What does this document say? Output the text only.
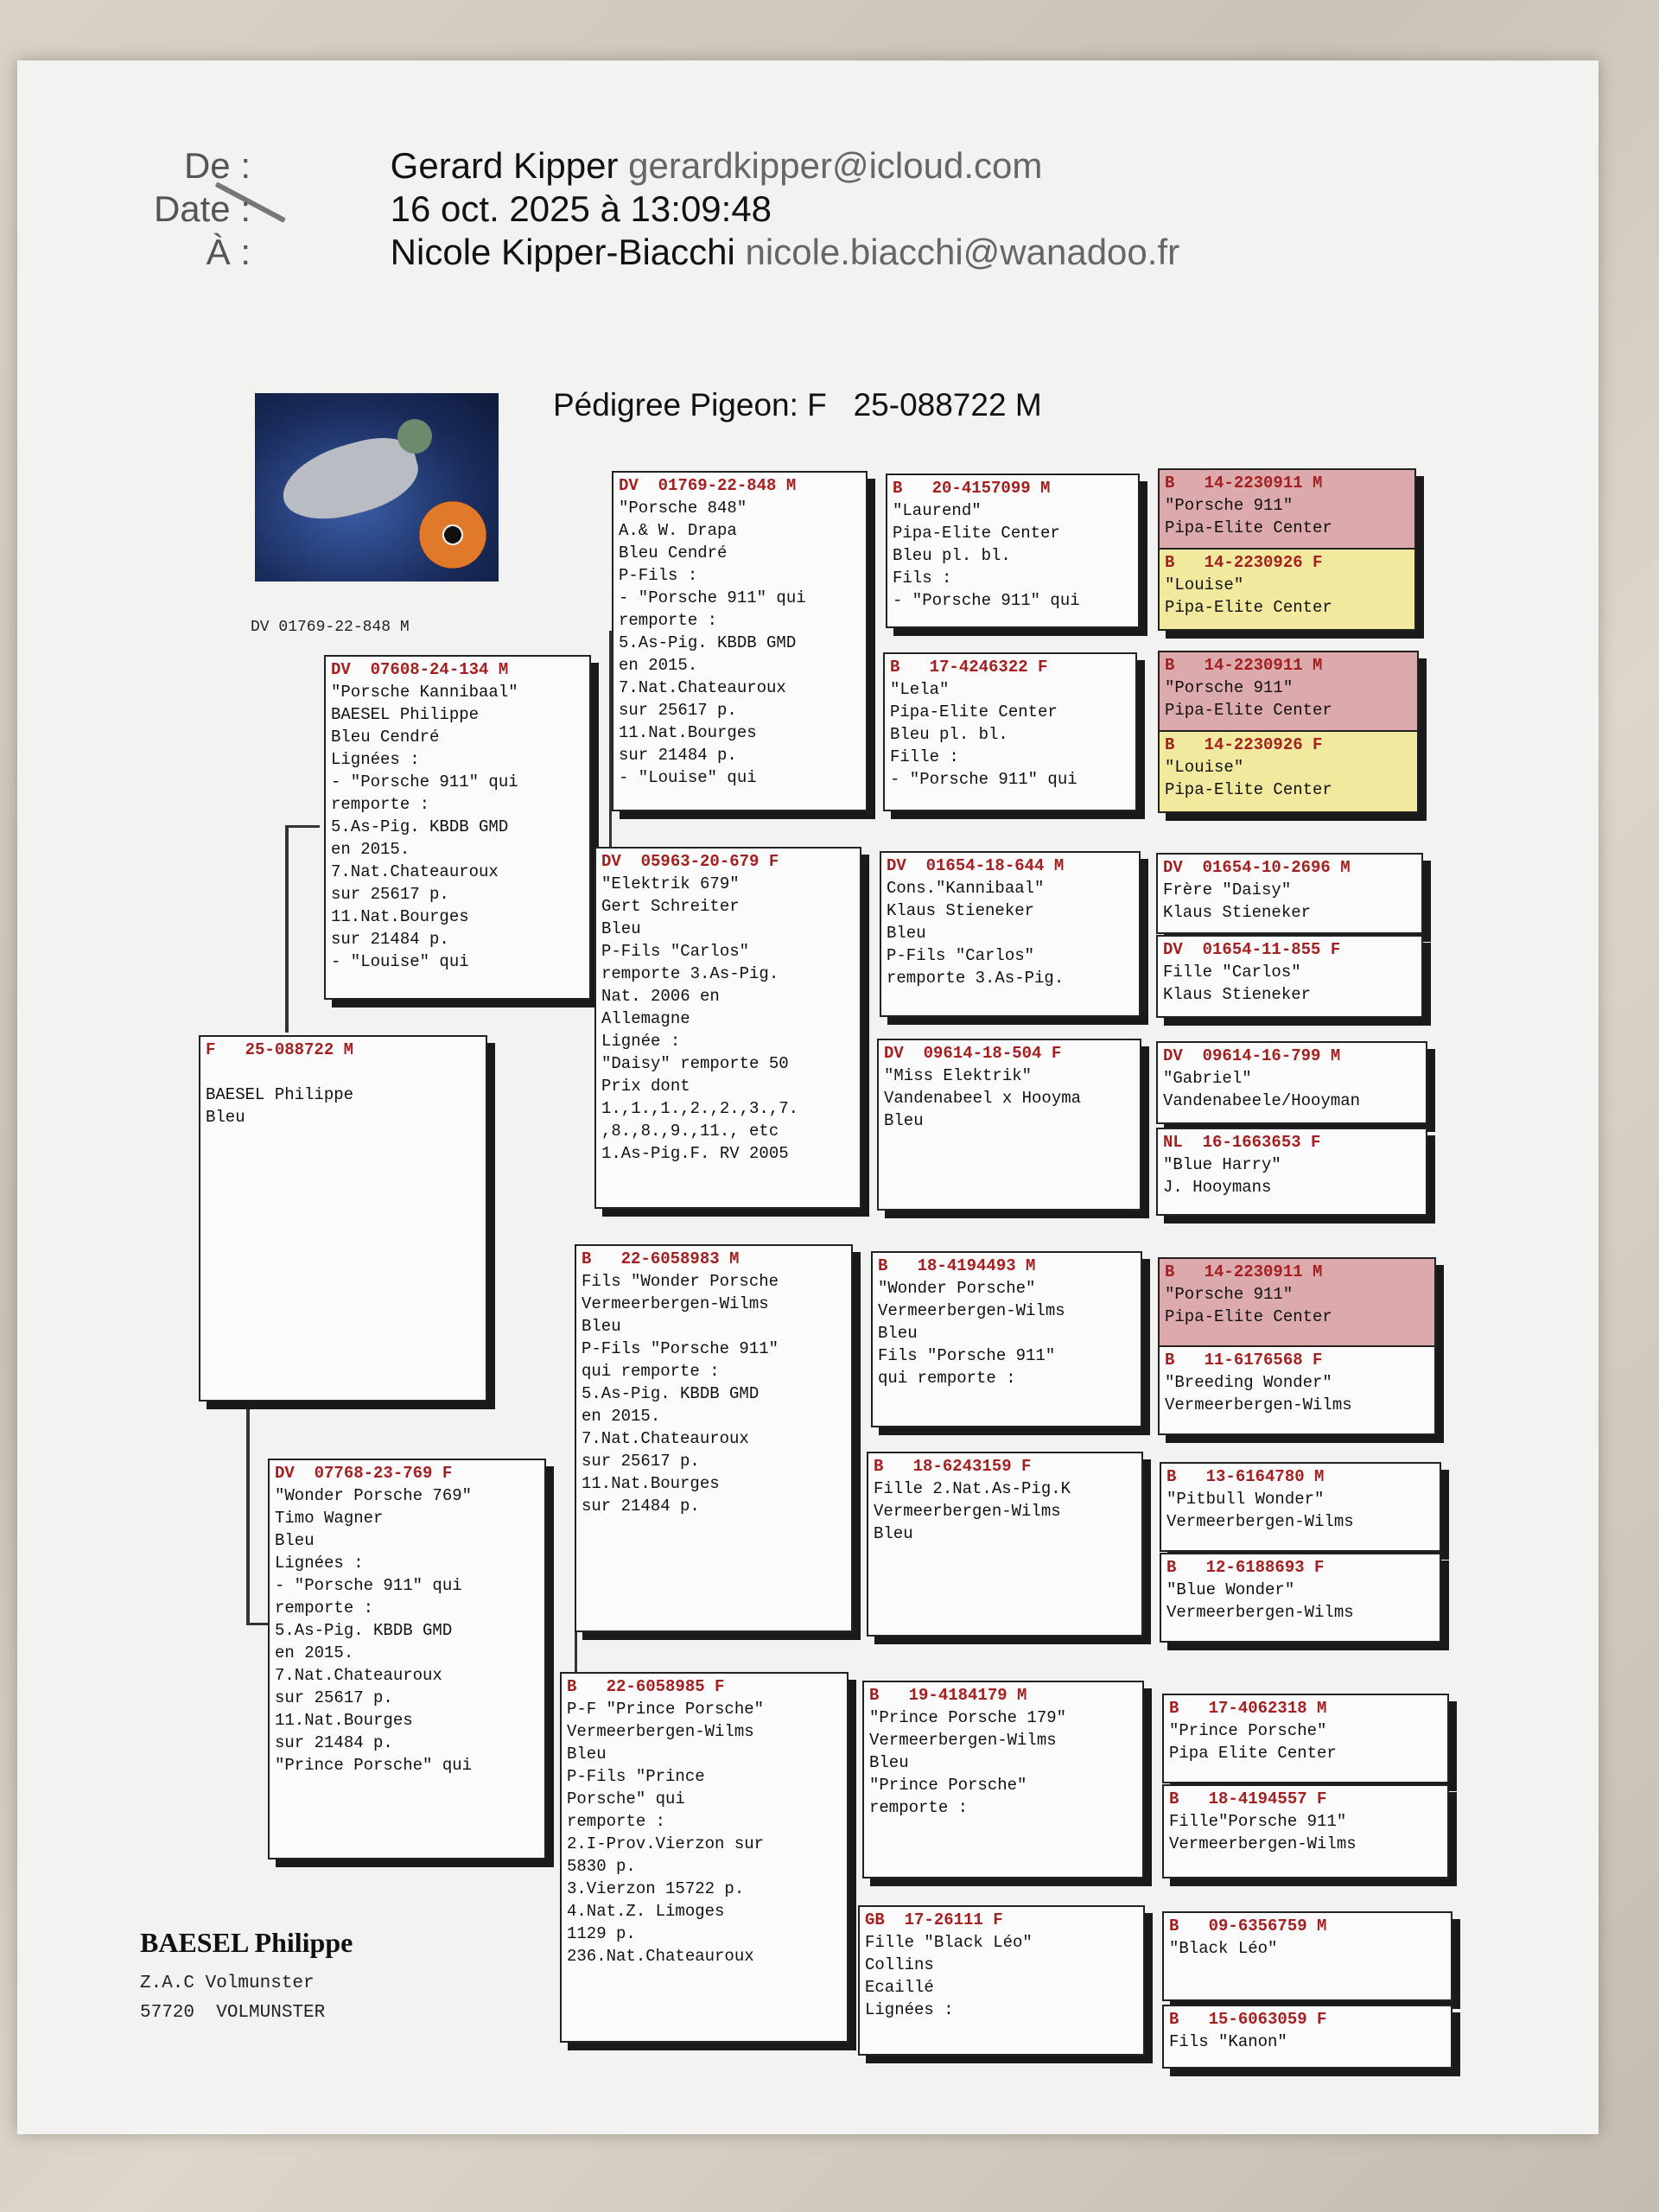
De :	Gerard Kipper gerardkipper@icloud.com
Date :	16 oct. 2025 à 13:09:48
À :	Nicole Kipper-Biacchi nicole.biacchi@wanadoo.fr
Pédigree Pigeon: F   25-088722 M
DV 01769-22-848 M
F   25-088722 M

BAESEL Philippe
Bleu
DV  07608-24-134 M
"Porsche Kannibaal"
BAESEL Philippe
Bleu Cendré
Lignées :
- "Porsche 911" qui
remporte :
5.As-Pig. KBDB GMD
en 2015.
7.Nat.Chateauroux
sur 25617 p.
11.Nat.Bourges
sur 21484 p.
- "Louise" qui
DV  07768-23-769 F
"Wonder Porsche 769"
Timo Wagner
Bleu
Lignées :
- "Porsche 911" qui
remporte :
5.As-Pig. KBDB GMD
en 2015.
7.Nat.Chateauroux
sur 25617 p.
11.Nat.Bourges
sur 21484 p.
"Prince Porsche" qui
DV  01769-22-848 M
"Porsche 848"
A.& W. Drapa
Bleu Cendré
P-Fils :
- "Porsche 911" qui
remporte :
5.As-Pig. KBDB GMD
en 2015.
7.Nat.Chateauroux
sur 25617 p.
11.Nat.Bourges
sur 21484 p.
- "Louise" qui
DV  05963-20-679 F
"Elektrik 679"
Gert Schreiter
Bleu
P-Fils "Carlos"
remporte 3.As-Pig.
Nat. 2006 en
Allemagne
Lignée :
"Daisy" remporte 50
Prix dont
1.,1.,1.,2.,2.,3.,7.
,8.,8.,9.,11., etc
1.As-Pig.F. RV 2005
B   22-6058983 M
Fils "Wonder Porsche
Vermeerbergen-Wilms
Bleu
P-Fils "Porsche 911"
qui remporte :
5.As-Pig. KBDB GMD
en 2015.
7.Nat.Chateauroux
sur 25617 p.
11.Nat.Bourges
sur 21484 p.
B   22-6058985 F
P-F "Prince Porsche"
Vermeerbergen-Wilms
Bleu
P-Fils "Prince
Porsche" qui
remporte :
2.I-Prov.Vierzon sur
5830 p.
3.Vierzon 15722 p.
4.Nat.Z. Limoges
1129 p.
236.Nat.Chateauroux
B   20-4157099 M
"Laurend"
Pipa-Elite Center
Bleu pl. bl.
Fils :
- "Porsche 911" qui
B   17-4246322 F
"Lela"
Pipa-Elite Center
Bleu pl. bl.
Fille :
- "Porsche 911" qui
DV  01654-18-644 M
Cons."Kannibaal"
Klaus Stieneker
Bleu
P-Fils "Carlos"
remporte 3.As-Pig.
DV  09614-18-504 F
"Miss Elektrik"
Vandenabeel x Hooyma
Bleu
B   18-4194493 M
"Wonder Porsche"
Vermeerbergen-Wilms
Bleu
Fils "Porsche 911"
qui remporte :
B   18-6243159 F
Fille 2.Nat.As-Pig.K
Vermeerbergen-Wilms
Bleu
B   19-4184179 M
"Prince Porsche 179"
Vermeerbergen-Wilms
Bleu
"Prince Porsche"
remporte :
GB  17-26111 F
Fille "Black Léo"
Collins
Ecaillé
Lignées :
B   14-2230911 M
"Porsche 911"
Pipa-Elite Center
B   14-2230926 F
"Louise"
Pipa-Elite Center
B   14-2230911 M
"Porsche 911"
Pipa-Elite Center
B   14-2230926 F
"Louise"
Pipa-Elite Center
DV  01654-10-2696 M
Frère "Daisy"
Klaus Stieneker
DV  01654-11-855 F
Fille "Carlos"
Klaus Stieneker
DV  09614-16-799 M
"Gabriel"
Vandenabeele/Hooyman
NL  16-1663653 F
"Blue Harry"
J. Hooymans
B   14-2230911 M
"Porsche 911"
Pipa-Elite Center
B   11-6176568 F
"Breeding Wonder"
Vermeerbergen-Wilms
B   13-6164780 M
"Pitbull Wonder"
Vermeerbergen-Wilms
B   12-6188693 F
"Blue Wonder"
Vermeerbergen-Wilms
B   17-4062318 M
"Prince Porsche"
Pipa Elite Center
B   18-4194557 F
Fille"Porsche 911"
Vermeerbergen-Wilms
B   09-6356759 M
"Black Léo"
B   15-6063059 F
Fils "Kanon"
BAESEL Philippe
Z.A.C Volmunster
57720  VOLMUNSTER
